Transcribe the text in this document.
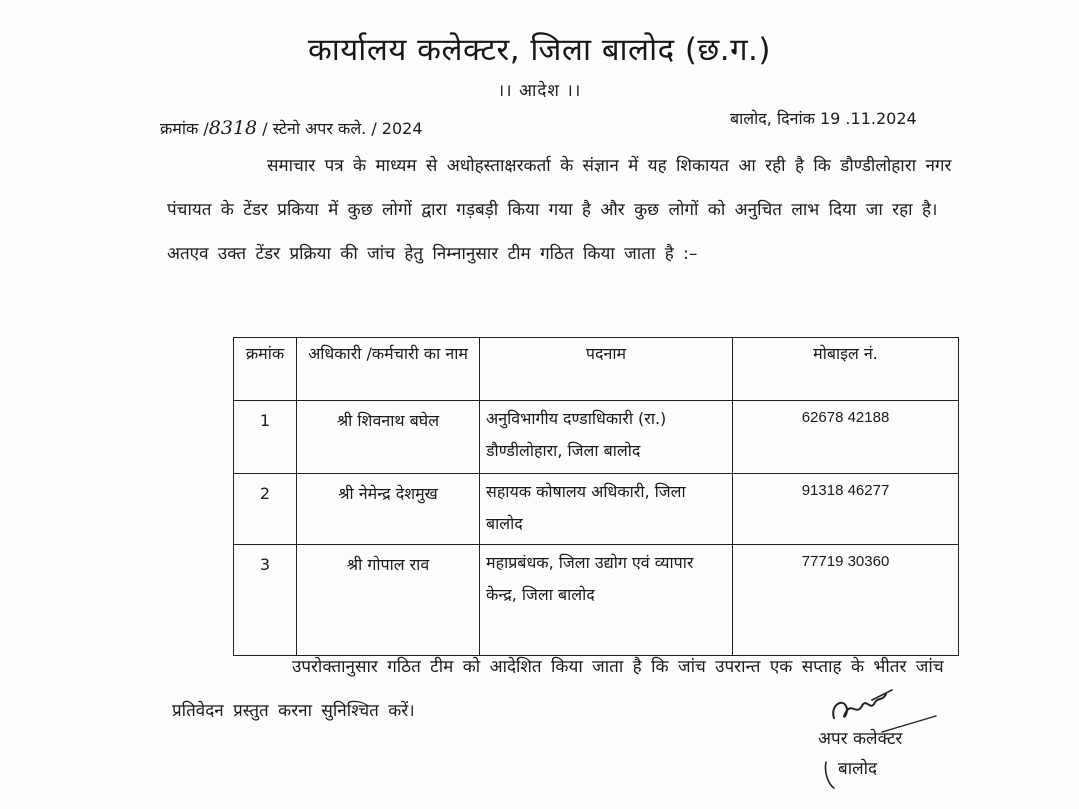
कार्यालय कलेक्टर, जिला बालोद (छ.ग.)
।। आदेश ।।
क्रमांक /8318 / स्टेनो अपर कले. / 2024
बालोद, दिनांक 19 .11.2024
समाचार पत्र के माध्यम से अधोहस्ताक्षरकर्ता के संज्ञान में यह शिकायत आ रही है कि डौण्डीलोहारा नगर पंचायत के टेंडर प्रकिया में कुछ लोगों द्वारा गड़बड़ी किया गया है और कुछ लोगों को अनुचित लाभ दिया जा रहा है। अतएव उक्त टेंडर प्रक्रिया की जांच हेतु निम्नानुसार टीम गठित किया जाता है :–
क्रमांक	अधिकारी /कर्मचारी का नाम	पदनाम	मोबाइल नं.
1	श्री शिवनाथ बघेल	अनुविभागीय दण्डाधिकारी (रा.) डौण्डीलोहारा, जिला बालोद	62678 42188
2	श्री नेमेन्द्र देशमुख	सहायक कोषालय अधिकारी, जिला बालोद	91318 46277
3	श्री गोपाल राव	महाप्रबंधक, जिला उद्योग एवं व्यापार केन्द्र, जिला बालोद	77719 30360
उपरोक्तानुसार गठित टीम को आदेशित किया जाता है कि जांच उपरान्त एक सप्ताह के भीतर जांच प्रतिवेदन प्रस्तुत करना सुनिश्चित करें।
अपर कलेक्टर
बालोद
